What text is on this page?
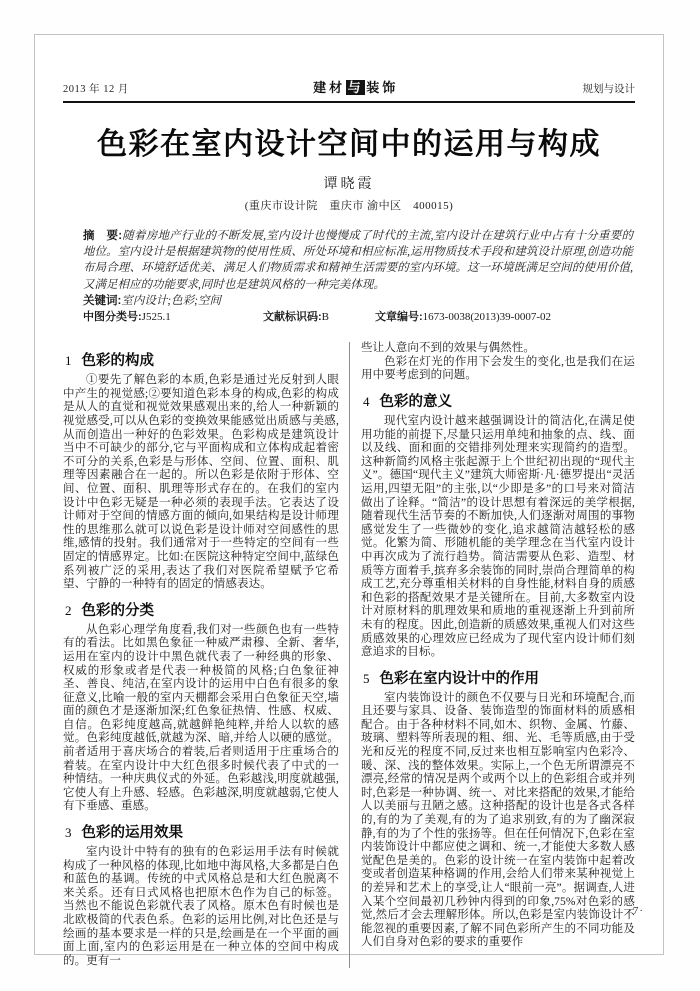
2013 年 12 月	建材 与 装饰	规划与设计
色彩在室内设计空间中的运用与构成
谭晓霞
(重庆市设计院　重庆市 渝中区　400015)

摘　要:随着房地产行业的不断发展,室内设计也慢慢成了时代的主流,室内设计在建筑行业中占有十分重要的地位。室内设计是根据建筑物的使用性质、所处环境和相应标准,运用物质技术手段和建筑设计原理,创造功能布局合理、环境舒适优美、满足人们物质需求和精神生活需要的室内环境。这一环境既满足空间的使用价值,又满足相应的功能要求,同时也是建筑风格的一种完美体现。

关键词:室内设计;色彩;空间

中图分类号:J525.1	文献标识码:B	文章编号:1673-0038(2013)39-0007-02

1 色彩的构成

①要先了解色彩的本质,色彩是通过光反射到人眼中产生的视觉感;②要知道色彩本身的构成,色彩的构成是从人的直觉和视觉效果感观出来的,给人一种新颖的视觉感受,可以从色彩的变换效果能感觉出质感与美感,从而创造出一种好的色彩效果。色彩构成是建筑设计当中不可缺少的部分,它与平面构成和立体构成起着密不可分的关系,色彩是与形体、空间、位置、面积、肌理等因素融合在一起的。所以色彩是依附于形体、空间、位置、面积、肌理等形式存在的。在我们的室内设计中色彩无疑是一种必须的表现手法。它表达了设计师对于空间的情感方面的倾向,如果结构是设计师理性的思维那么就可以说色彩是设计师对空间感性的思维,感情的投射。我们通常对于一些特定的空间有一些固定的情感界定。比如:在医院这种特定空间中,蓝绿色系列被广泛的采用,表达了我们对医院希望赋予它希望、宁静的一种特有的固定的情感表达。

2 色彩的分类

从色彩心理学角度看,我们对一些颜色也有一些特有的看法。比如黑色象征一种威严肃穆、全新、奢华,运用在室内的设计中黑色就代表了一种经典的形象、权威的形象或者是代表一种极简的风格;白色象征神圣、善良、纯洁,在室内设计的运用中白色有很多的象征意义,比喻一般的室内天棚都会采用白色象征天空,墙面的颜色才是逐渐加深;红色象征热情、性感、权威、自信。色彩纯度越高,就越鲜艳纯粹,并给人以软的感觉。色彩纯度越低,就越为深、暗,并给人以硬的感觉。前者适用于喜庆场合的着装,后者则适用于庄重场合的着装。在室内设计中大红色很多时候代表了中式的一种情结。一种庆典仪式的外延。色彩越浅,明度就越强,它使人有上升感、轻感。色彩越深,明度就越弱,它使人有下垂感、重感。

3 色彩的运用效果

室内设计中特有的独有的色彩运用手法有时候就构成了一种风格的体现,比如地中海风格,大多都是白色和蓝色的基调。传统的中式风格总是和大红色脱离不来关系。还有日式风格也把原木色作为自己的标签。当然也不能说色彩就代表了风格。原木色有时候也是北欧极简的代表色系。色彩的运用比例,对比色还是与绘画的基本要求是一样的只是,绘画是在一个平面的画面上面,室内的色彩运用是在一种立体的空间中构成的。更有一

些让人意向不到的效果与偶然性。

色彩在灯光的作用下会发生的变化,也是我们在运用中要考虑到的问题。

4 色彩的意义

现代室内设计越来越强调设计的简洁化,在满足使用功能的前提下,尽量只运用单纯和抽象的点、线、面以及线、面和面的交错排列处理来实现简约的造型。这种新简约风格主张起源于上个世纪初出现的“现代主义”。德国“现代主义”建筑大师密斯·凡·德罗提出“灵活运用,四望无阻”的主张,以“少即是多”的口号来对简洁做出了诠释。“简洁”的设计思想有着深远的美学根据,随着现代生活节奏的不断加快,人们逐渐对周围的事物感觉发生了一些微妙的变化,追求越简洁越轻松的感觉。化繁为简、形随机能的美学理念在当代室内设计中再次成为了流行趋势。简洁需要从色彩、造型、材质等方面着手,摈弃多余装饰的同时,崇尚合理简单的构成工艺,充分尊重相关材料的自身性能,材料自身的质感和色彩的搭配效果才是关键所在。目前,大多数室内设计对原材料的肌理效果和质地的重视逐渐上升到前所未有的程度。因此,创造新的质感效果,重视人们对这些质感效果的心理效应已经成为了现代室内设计师们刻意追求的目标。

5 色彩在室内设计中的作用

室内装饰设计的颜色不仅要与日光和环境配合,而且还要与家具、设备、装饰造型的饰面材料的质感相配合。由于各种材料不同,如木、织物、金属、竹藤、玻璃、塑料等所表现的粗、细、光、毛等质感,由于受光和反光的程度不同,反过来也相互影响室内色彩冷、暖、深、浅的整体效果。实际上,一个色无所谓漂亮不漂亮,经常的情况是两个或两个以上的色彩组合或并列时,色彩是一种协调、统一、对比来搭配的效果,才能给人以美丽与丑陋之感。这种搭配的设计也是各式各样的,有的为了美观,有的为了追求别致,有的为了幽深寂静,有的为了个性的张扬等。但在任何情况下,色彩在室内装饰设计中都应使之调和、统一,才能使大多数人感觉配色是美的。色彩的设计统一在室内装饰中起着改变或者创造某种格调的作用,会给人们带来某种视觉上的差异和艺术上的享受,让人“眼前一亮”。据调查,人进入某个空间最初几秒钟内得到的印象,75%对色彩的感觉,然后才会去理解形体。所以,色彩是室内装饰设计不能忽视的重要因素,了解不同色彩所产生的不同功能及人们自身对色彩的要求的重要作

·7·
